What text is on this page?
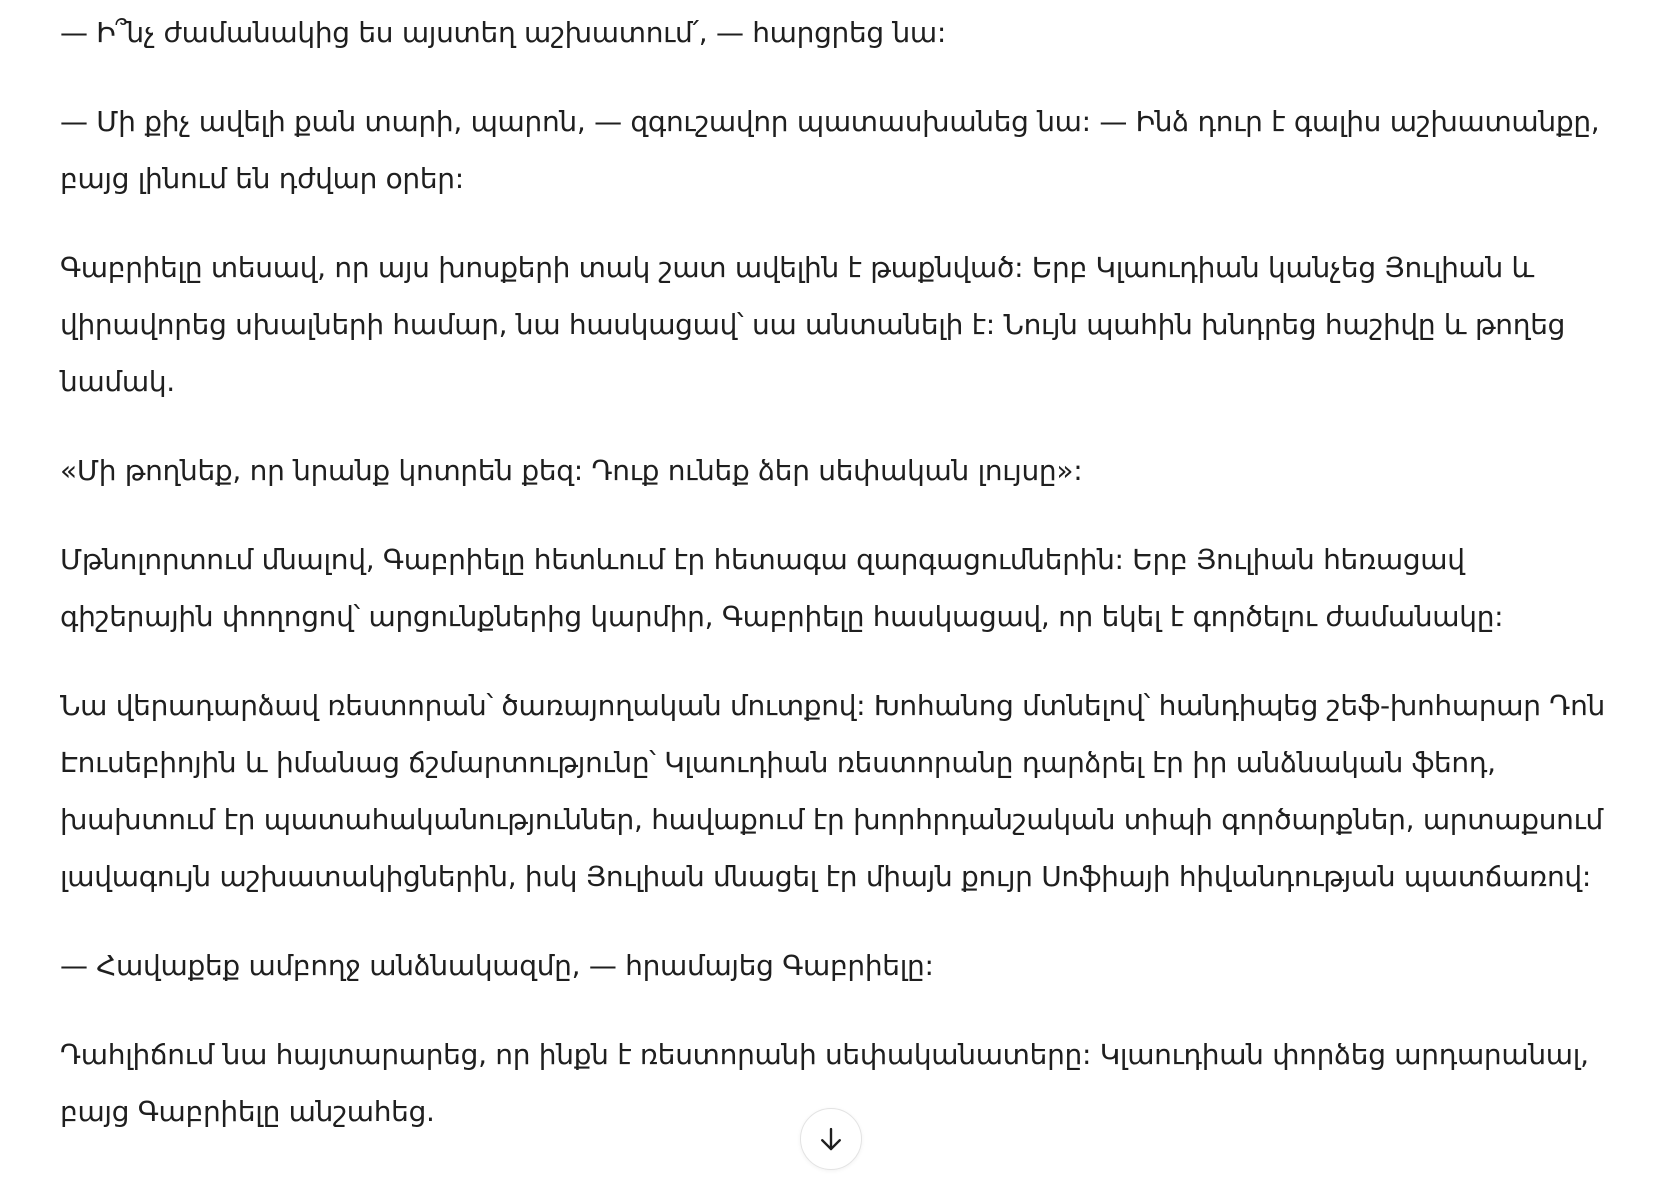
— Ի՞նչ ժամանակից ես այստեղ աշխատում՛, — հարցրեց նա:

— Մի քիչ ավելի քան տարի, պարոն, — զգուշավոր պատասխանեց նա: — Ինձ դուր է գալիս աշխատանքը, բայց լինում են դժվար օրեր:

Գաբրիելը տեսավ, որ այս խոսքերի տակ շատ ավելին է թաքնված: Երբ Կլաուդիան կանչեց Յուլիան և վիրավորեց սխալների համար, նա հասկացավ՝ սա անտանելի է: Նույն պահին խնդրեց հաշիվը և թողեց նամակ.

«Մի թողնեք, որ նրանք կոտրեն քեզ: Դուք ունեք ձեր սեփական լույսը»:

Մթնոլորտում մնալով, Գաբրիելը հետևում էր հետագա զարգացումներին: Երբ Յուլիան հեռացավ գիշերային փողոցով՝ արցունքներից կարմիր, Գաբրիելը հասկացավ, որ եկել է գործելու ժամանակը:

Նա վերադարձավ ռեստորան՝ ծառայողական մուտքով: Խոհանոց մտնելով՝ հանդիպեց շեֆ-խոհարար Դոն Էուսեբիոյին և իմանաց ճշմարտությունը՝ Կլաուդիան ռեստորանը դարձրել էր իր անձնական ֆեոդ, խախտում էր պատահականություններ, հավաքում էր խորհրդանշական տիպի գործարքներ, արտաքսում լավագույն աշխատակիցներին, իսկ Յուլիան մնացել էր միայն քույր Սոֆիայի հիվանդության պատճառով:

— Հավաքեք ամբողջ անձնակազմը, — հրամայեց Գաբրիելը:

Դահլիճում նա հայտարարեց, որ ինքն է ռեստորանի սեփականատերը: Կլաուդիան փորձեց արդարանալ, բայց Գաբրիելը անշահեց.
